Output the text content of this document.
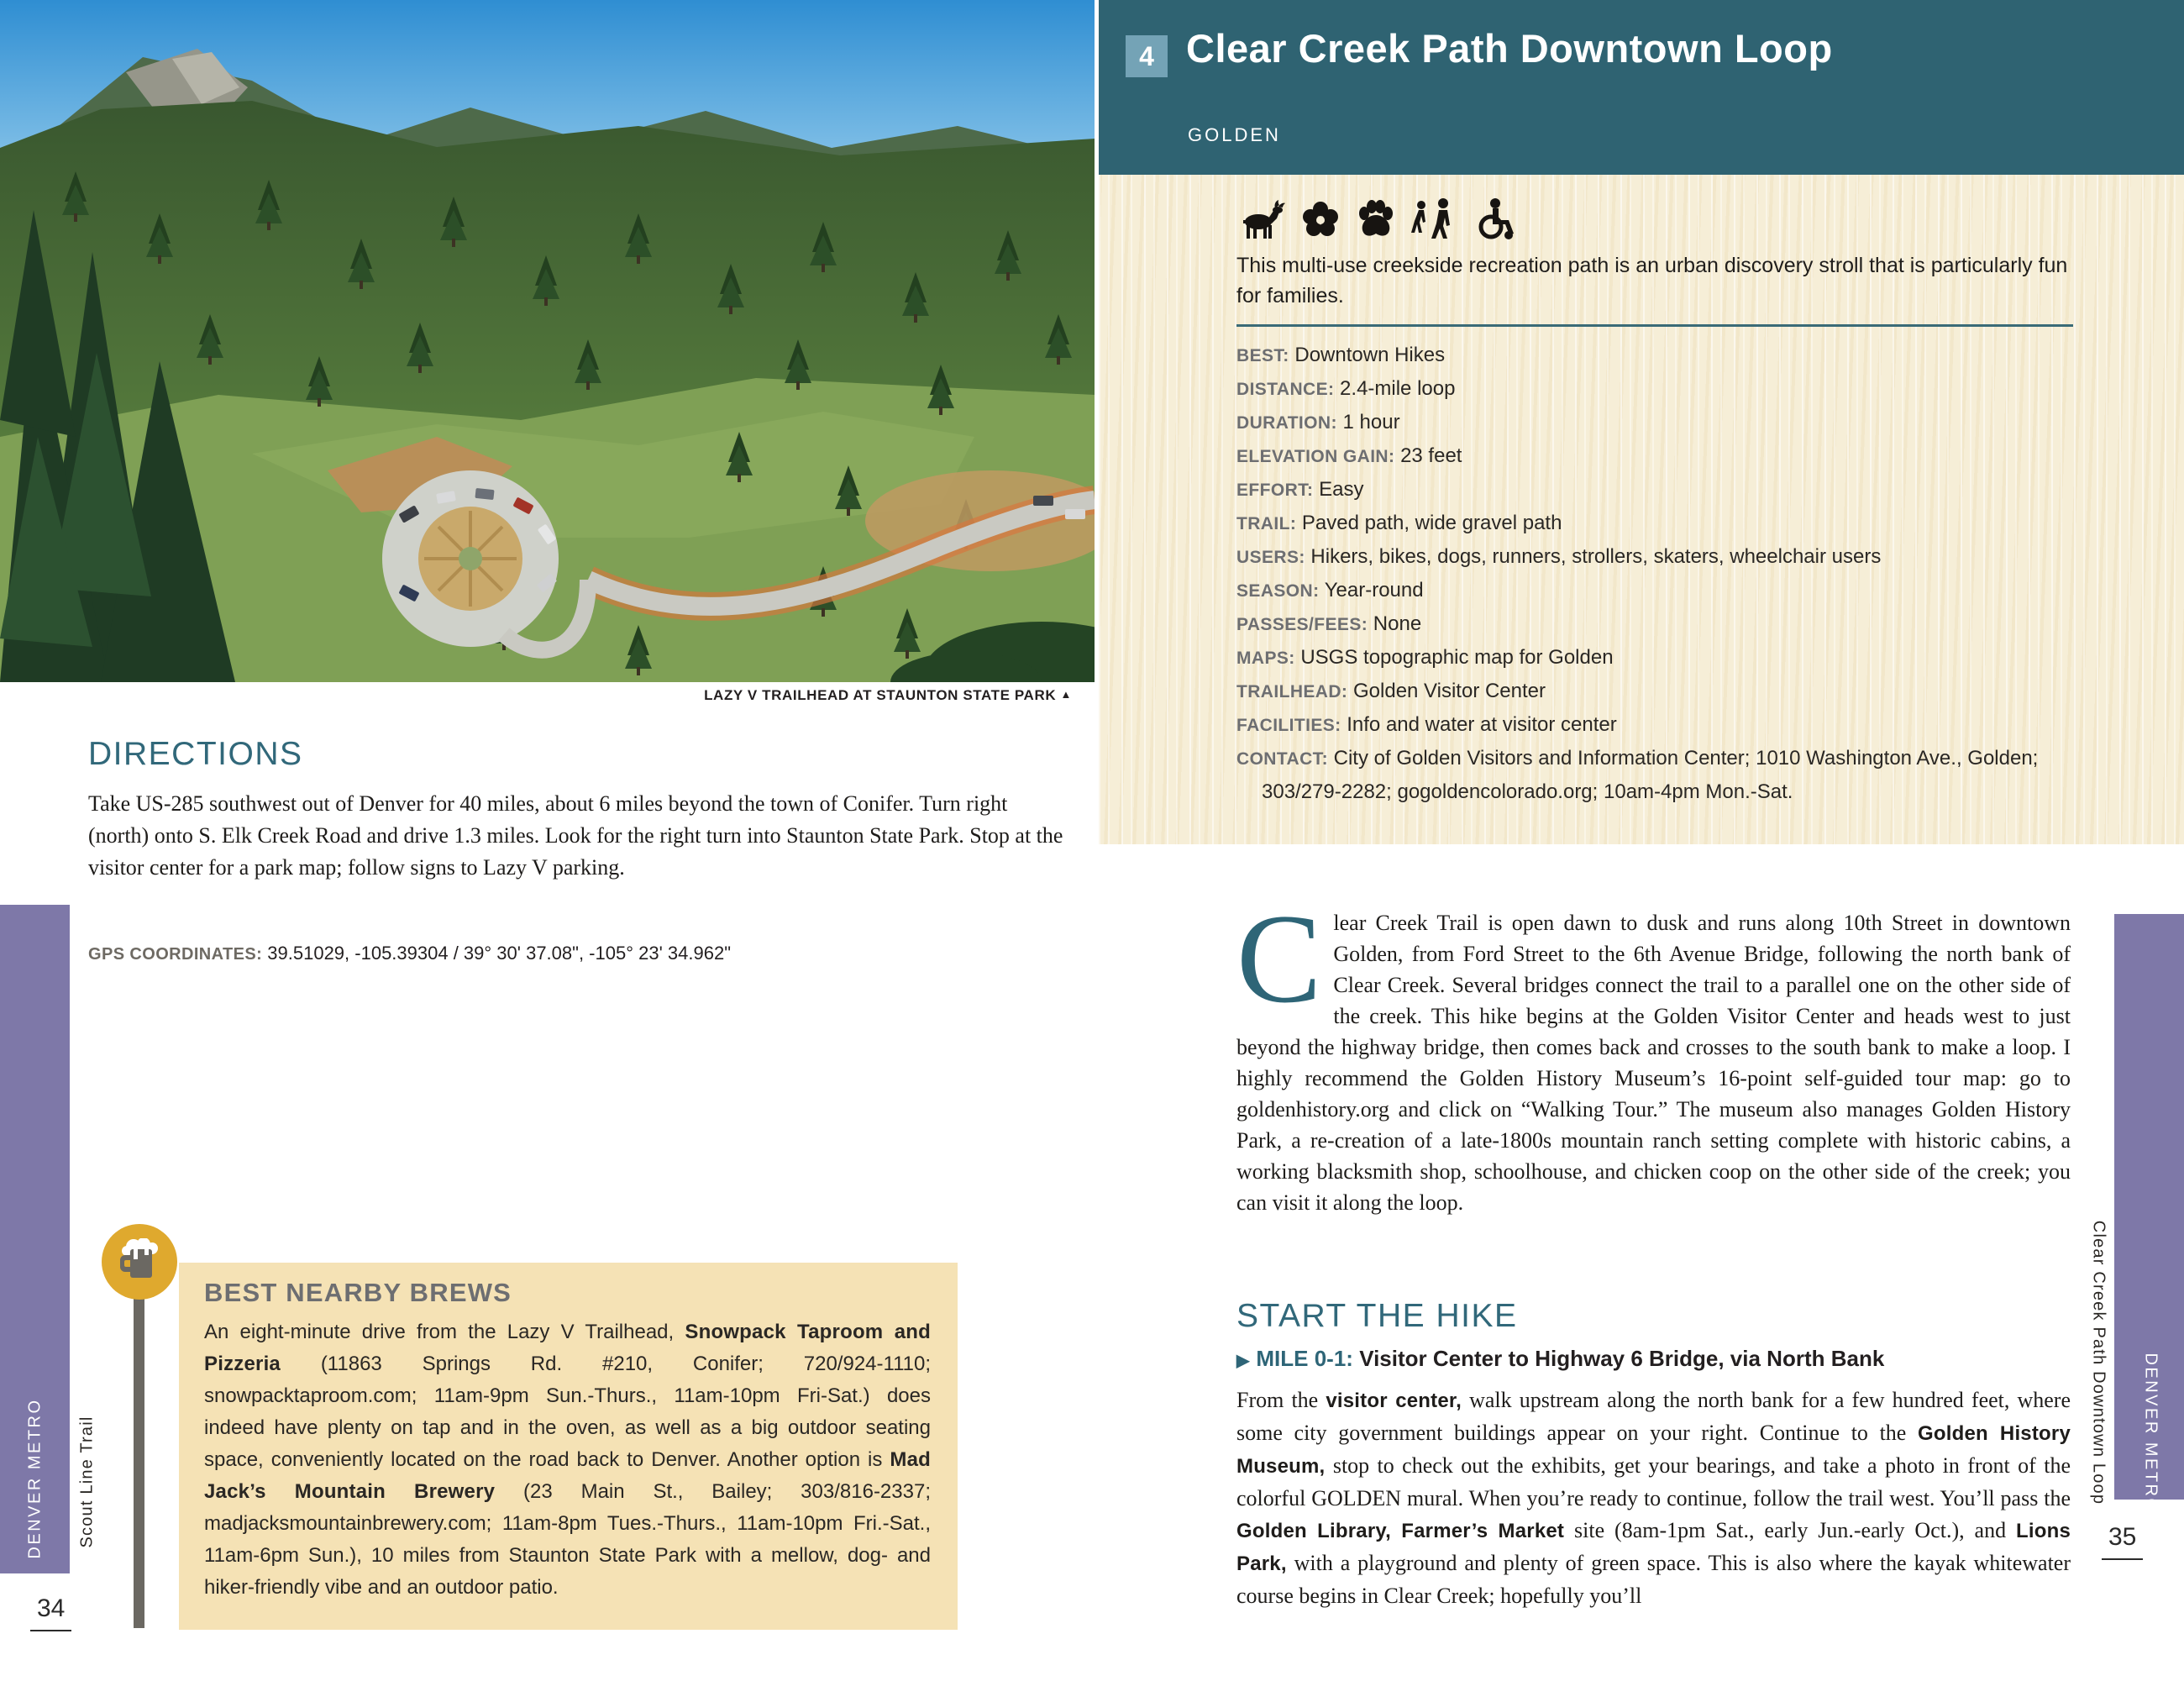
LAZY V TRAILHEAD AT STAUNTON STATE PARK ▲
DIRECTIONS

Take US-285 southwest out of Denver for 40 miles, about 6 miles beyond the town of Conifer. Turn right (north) onto S. Elk Creek Road and drive 1.3 miles. Look for the right turn into Staunton State Park. Stop at the visitor center for a park map; follow signs to Lazy V parking.

GPS COORDINATES: 39.51029, -105.39304 / 39° 30' 37.08", -105° 23' 34.962"

BEST NEARBY BREWS

An eight-minute drive from the Lazy V Trailhead, Snowpack Taproom and Pizzeria (11863 Springs Rd. #210, Conifer; 720/924-1110; snowpacktaproom.com; 11am-9pm Sun.-Thurs., 11am-10pm Fri-Sat.) does indeed have plenty on tap and in the oven, as well as a big outdoor seating space, conveniently located on the road back to Denver. Another option is Mad Jack’s Mountain Brewery (23 Main St., Bailey; 303/816-2337; madjacksmountainbrewery.com; 11am-8pm Tues.-Thurs., 11am-10pm Fri.-Sat., 11am-6pm Sun.), 10 miles from Staunton State Park with a mellow, dog- and hiker-friendly vibe and an outdoor patio.

DENVER METRO Scout Line Trail
34
4 Clear Creek Path Downtown Loop
GOLDEN

This multi-use creekside recreation path is an urban discovery stroll that is particularly fun for families.

BEST: Downtown Hikes
DISTANCE: 2.4-mile loop
DURATION: 1 hour
ELEVATION GAIN: 23 feet
EFFORT: Easy
TRAIL: Paved path, wide gravel path
USERS: Hikers, bikes, dogs, runners, strollers, skaters, wheelchair users
SEASON: Year-round
PASSES/FEES: None
MAPS: USGS topographic map for Golden
TRAILHEAD: Golden Visitor Center
FACILITIES: Info and water at visitor center
CONTACT: City of Golden Visitors and Information Center; 1010 Washington Ave., Golden; 303/279-2282; gogoldencolorado.org; 10am-4pm Mon.-Sat.

Clear Creek Trail is open dawn to dusk and runs along 10th Street in downtown Golden, from Ford Street to the 6th Avenue Bridge, following the north bank of Clear Creek. Several bridges connect the trail to a parallel one on the other side of the creek. This hike begins at the Golden Visitor Center and heads west to just beyond the highway bridge, then comes back and crosses to the south bank to make a loop. I highly recommend the Golden History Museum’s 16-point self-guided tour map: go to goldenhistory.org and click on “Walking Tour.” The museum also manages Golden History Park, a re-creation of a late-1800s mountain ranch setting complete with historic cabins, a working blacksmith shop, schoolhouse, and chicken coop on the other side of the creek; you can visit it along the loop.

START THE HIKE

▶ MILE 0-1: Visitor Center to Highway 6 Bridge, via North Bank

From the visitor center, walk upstream along the north bank for a few hundred feet, where some city government buildings appear on your right. Continue to the Golden History Museum, stop to check out the exhibits, get your bearings, and take a photo in front of the colorful GOLDEN mural. When you’re ready to continue, follow the trail west. You’ll pass the Golden Library, Farmer’s Market site (8am-1pm Sat., early Jun.-early Oct.), and Lions Park, with a playground and plenty of green space. This is also where the kayak whitewater course begins in Clear Creek; hopefully you’ll

DENVER METRO
Clear Creek Path Downtown Loop
35
